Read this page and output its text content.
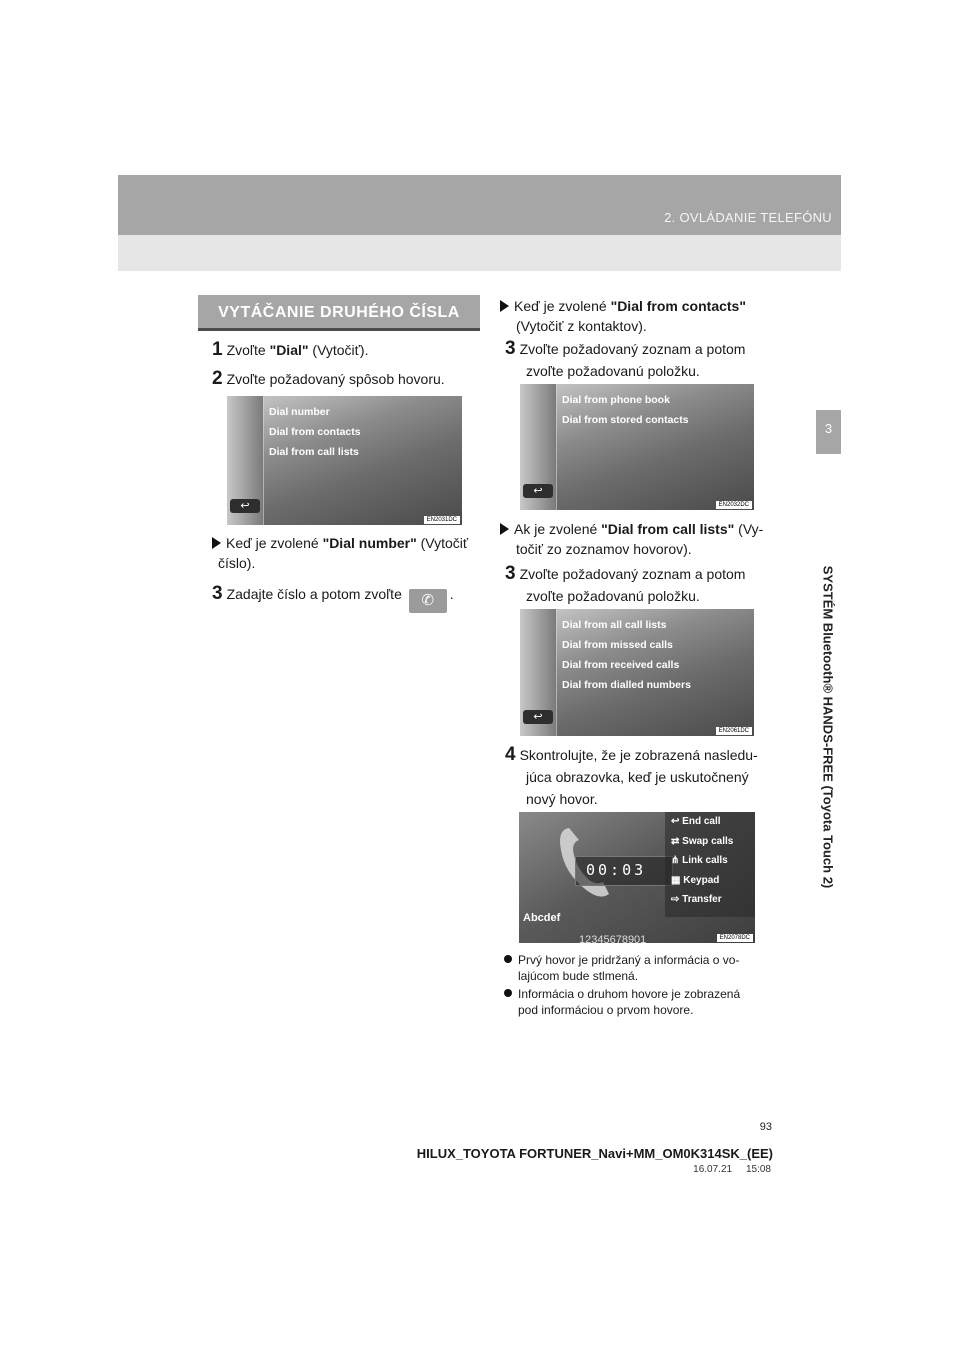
2. OVLÁDANIE TELEFÓNU
3
SYSTÉM Bluetooth® HANDS-FREE (Toyota Touch 2)
VYTÁČANIE DRUHÉHO ČÍSLA
1 Zvoľte "Dial" (Vytočiť).
2 Zvoľte požadovaný spôsob hovoru.
Dial number
Dial from contacts
Dial from call lists
↩
EN2031DC
Keď je zvolené "Dial number" (Vytočiť
číslo).
3 Zadajte číslo a potom zvoľte ✆ .
Keď je zvolené "Dial from contacts"
(Vytočiť z kontaktov).
3 Zvoľte požadovaný zoznam a potom
zvoľte požadovanú položku.
Dial from phone book
Dial from stored contacts
↩
EN2032DC
Ak je zvolené "Dial from call lists" (Vy-
točiť zo zoznamov hovorov).
3 Zvoľte požadovaný zoznam a potom
zvoľte požadovanú položku.
Dial from all call lists
Dial from missed calls
Dial from received calls
Dial from dialled numbers
↩
EN2061DC
4 Skontrolujte, že je zobrazená nasledu-
júca obrazovka, keď je uskutočnený
nový hovor.
00:03
12345678901
Abcdef
↩ End call
⇄ Swap calls
⋔ Link calls
▦ Keypad
⇨ Transfer
EN2078DC
Prvý hovor je pridržaný a informácia o vo-
lajúcom bude stlmená.
Informácia o druhom hovore je zobrazená
pod informáciou o prvom hovore.
93
HILUX_TOYOTA FORTUNER_Navi+MM_OM0K314SK_(EE)
16.07.21     15:08
